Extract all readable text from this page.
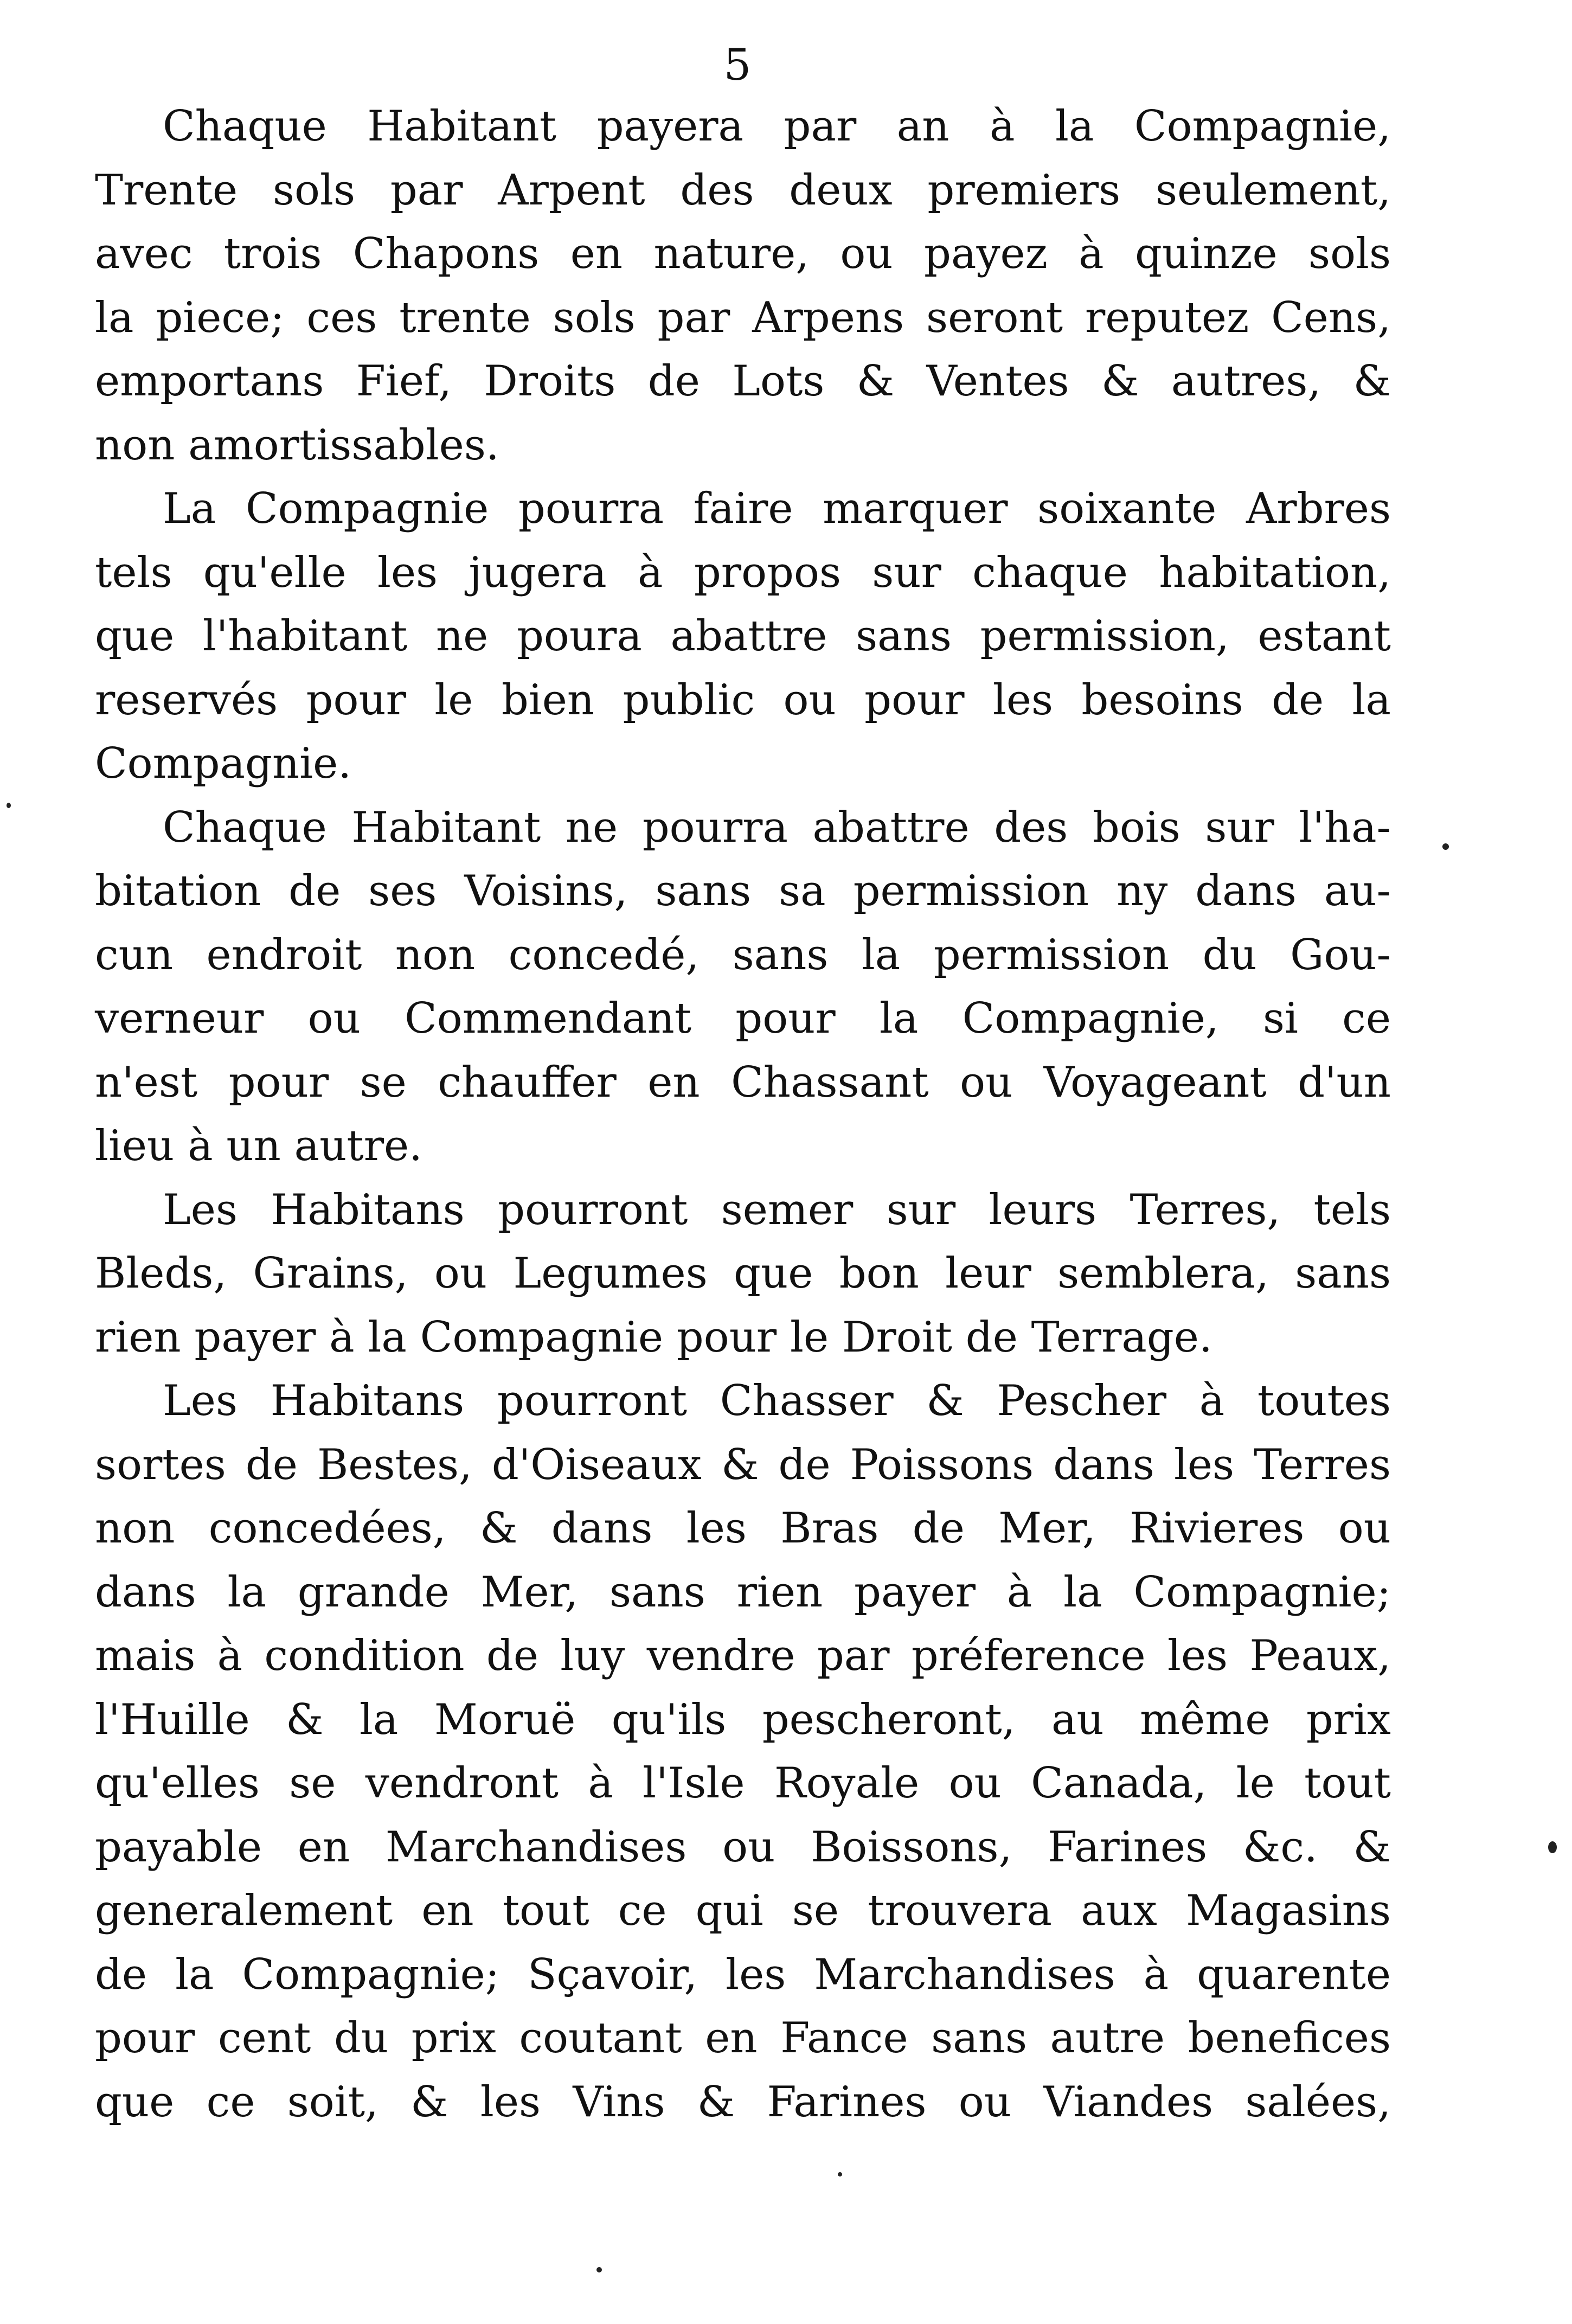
5
Chaque Habitant payera par an à la Compagnie,
Trente sols par Arpent des deux premiers seulement,
avec trois Chapons en nature, ou payez à quinze sols
la piece; ces trente sols par Arpens seront reputez Cens,
emportans Fief, Droits de Lots & Ventes & autres, &
non amortissables.
La Compagnie pourra faire marquer soixante Arbres
tels qu'elle les jugera à propos sur chaque habitation,
que l'habitant ne poura abattre sans permission, estant
reservés pour le bien public ou pour les besoins de la
Compagnie.
Chaque Habitant ne pourra abattre des bois sur l'ha-
bitation de ses Voisins, sans sa permission ny dans au-
cun endroit non concedé, sans la permission du Gou-
verneur ou Commendant pour la Compagnie, si ce
n'est pour se chauffer en Chassant ou Voyageant d'un
lieu à un autre.
Les Habitans pourront semer sur leurs Terres, tels
Bleds, Grains, ou Legumes que bon leur semblera, sans
rien payer à la Compagnie pour le Droit de Terrage.
Les Habitans pourront Chasser & Pescher à toutes
sortes de Bestes, d'Oiseaux & de Poissons dans les Terres
non concedées, & dans les Bras de Mer, Rivieres ou
dans la grande Mer, sans rien payer à la Compagnie;
mais à condition de luy vendre par préference les Peaux,
l'Huille & la Moruë qu'ils pescheront, au même prix
qu'elles se vendront à l'Isle Royale ou Canada, le tout
payable en Marchandises ou Boissons, Farines &c. &
generalement en tout ce qui se trouvera aux Magasins
de la Compagnie; Sçavoir, les Marchandises à quarente
pour cent du prix coutant en Fance sans autre benefices
que ce soit, & les Vins & Farines ou Viandes salées,
